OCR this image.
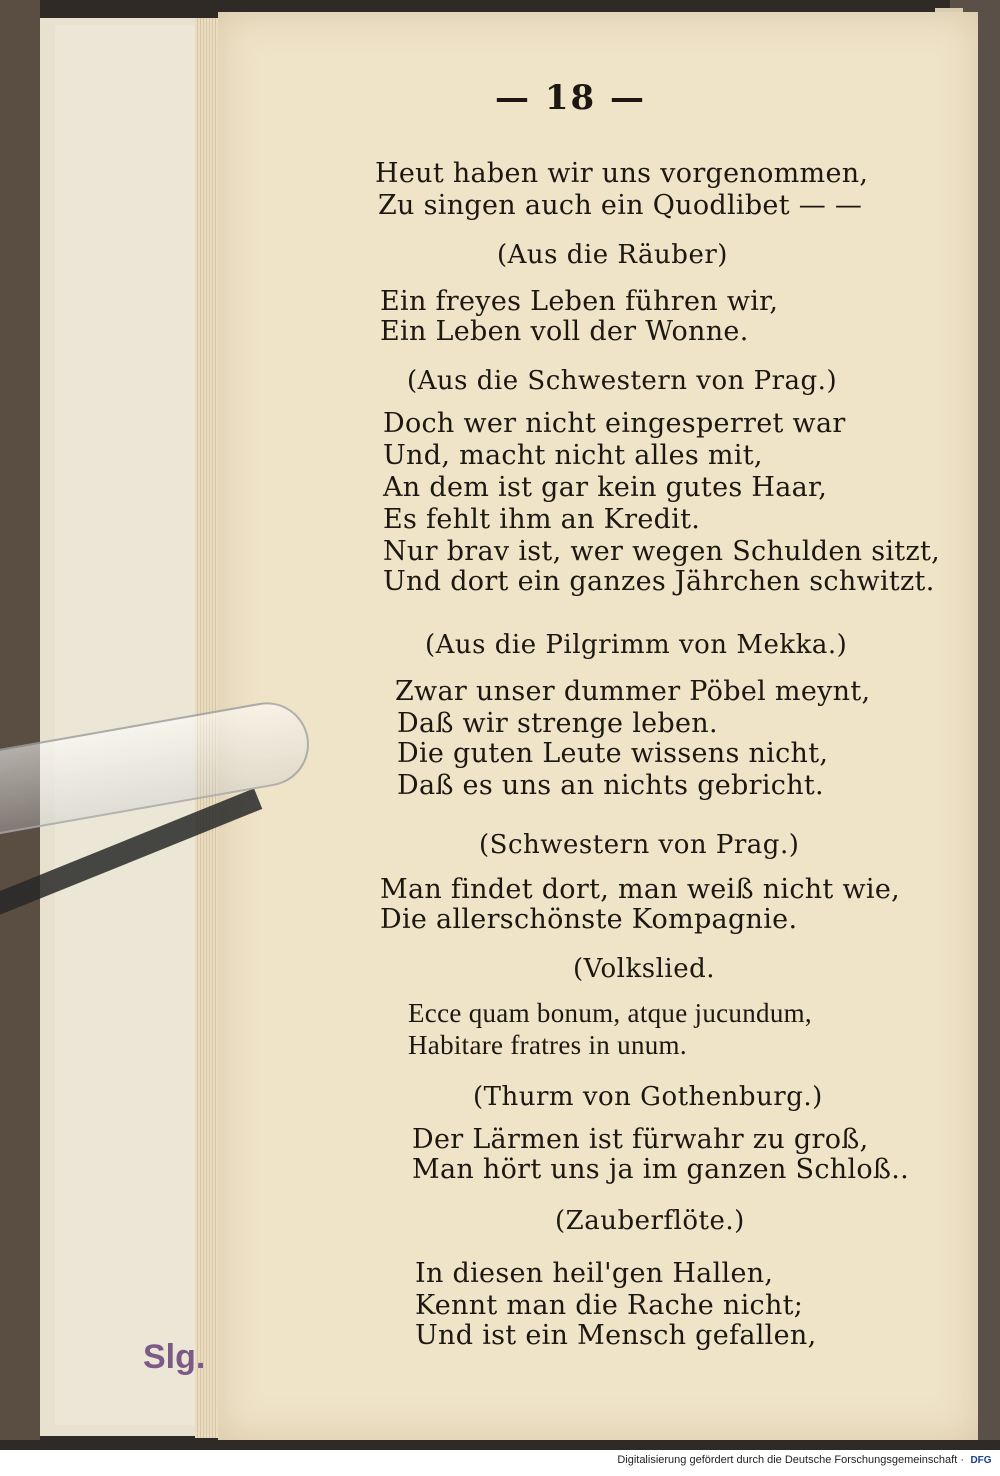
— 18 —
Heut haben wir uns vorgenommen,
Zu singen auch ein Quodlibet — —
(Aus die Räuber)
Ein freyes Leben führen wir,
Ein Leben voll der Wonne.
(Aus die Schwestern von Prag.)
Doch wer nicht eingesperret war
Und, macht nicht alles mit,
An dem ist gar kein gutes Haar,
Es fehlt ihm an Kredit.
Nur brav ist, wer wegen Schulden sitzt,
Und dort ein ganzes Jährchen schwitzt.
(Aus die Pilgrimm von Mekka.)
Zwar unser dummer Pöbel meynt,
Daß wir strenge leben.
Die guten Leute wissens nicht,
Daß es uns an nichts gebricht.
(Schwestern von Prag.)
Man findet dort, man weiß nicht wie,
Die allerschönste Kompagnie.
(Volkslied.
Ecce quam bonum, atque jucundum,
Habitare fratres in unum.
(Thurm von Gothenburg.)
Der Lärmen ist fürwahr zu groß,
Man hört uns ja im ganzen Schloß..
(Zauberflöte.)
In diesen heil'gen Hallen,
Kennt man die Rache nicht;
Und ist ein Mensch gefallen,
Slg.
Digitalisierung gefördert durch die Deutsche Forschungsgemeinschaft · DFG
